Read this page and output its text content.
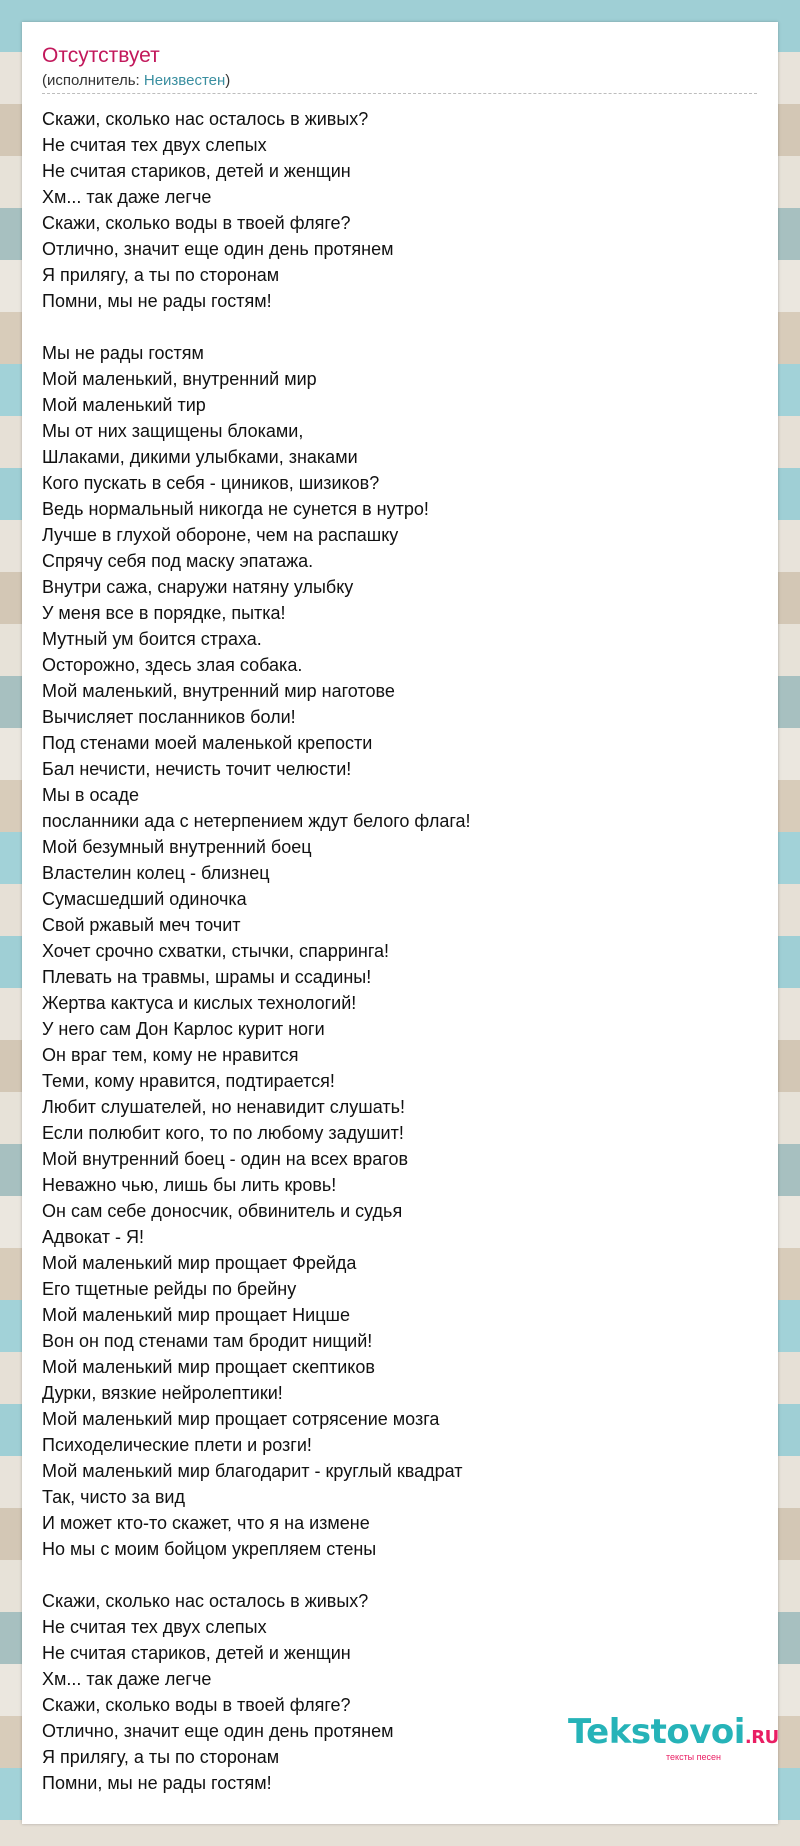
Отсутствует
(исполнитель: Неизвестен)
Скажи, сколько нас осталось в живых?
Не считая тех двух слепых
Не считая стариков, детей и женщин
Хм... так даже легче
Скажи, сколько воды в твоей фляге?
Отлично, значит еще один день протянем
Я прилягу, а ты по сторонам
Помни, мы не рады гостям!
Мы не рады гостям
Мой маленький, внутренний мир
Мой маленький тир
Мы от них защищены блоками,
Шлаками, дикими улыбками, знаками
Кого пускать в себя - циников, шизиков?
Ведь нормальный никогда не сунется в нутро!
Лучше в глухой обороне, чем на распашку
Спрячу себя под маску эпатажа.
Внутри сажа, снаружи натяну улыбку
У меня все в порядке, пытка!
Мутный ум боится страха.
Осторожно, здесь злая собака.
Мой маленький, внутренний мир наготове
Вычисляет посланников боли!
Под стенами моей маленькой крепости
Бал нечисти, нечисть точит челюсти!
Мы в осаде
посланники ада с нетерпением ждут белого флага!
Мой безумный внутренний боец
Властелин колец - близнец
Сумасшедший одиночка
Свой ржавый меч точит
Хочет срочно схватки, стычки, спарринга!
Плевать на травмы, шрамы и ссадины!
Жертва кактуса и кислых технологий!
У него сам Дон Карлос курит ноги
Он враг тем, кому не нравится
Теми, кому нравится, подтирается!
Любит слушателей, но ненавидит слушать!
Если полюбит кого, то по любому задушит!
Мой внутренний боец - один на всех врагов
Неважно чью, лишь бы лить кровь!
Он сам себе доносчик, обвинитель и судья
Адвокат - Я!
Мой маленький мир прощает Фрейда
Его тщетные рейды по брейну
Мой маленький мир прощает Ницше
Вон он под стенами там бродит нищий!
Мой маленький мир прощает скептиков
Дурки, вязкие нейролептики!
Мой маленький мир прощает сотрясение мозга
Психоделические плети и розги!
Мой маленький мир благодарит - круглый квадрат
Так, чисто за вид
И может кто-то скажет, что я на измене
Но мы с моим бойцом укрепляем стены
Скажи, сколько нас осталось в живых?
Не считая тех двух слепых
Не считая стариков, детей и женщин
Хм... так даже легче
Скажи, сколько воды в твоей фляге?
Отлично, значит еще один день протянем
Я прилягу, а ты по сторонам
Помни, мы не рады гостям!
Tekstovoi.RU
тексты песен
